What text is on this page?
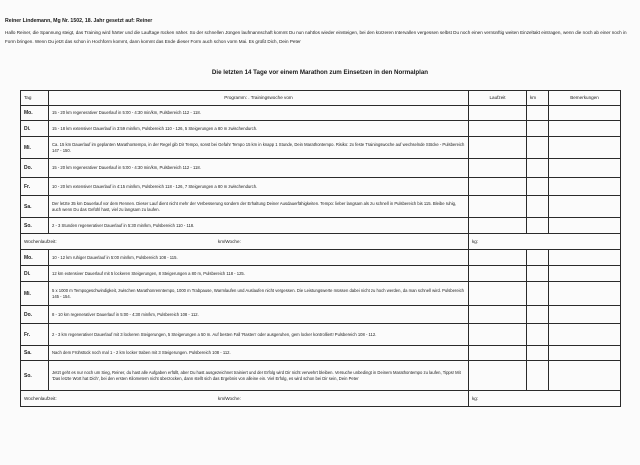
Reiner Lindemann, Mg Nr. 1502, 18. Jahr gesetzt auf: Reiner
Hallo Reiner, die Spannung steigt, das Training wird härter und die Lauftage rücken näher. So der schnellen Jüngen laufmannschaft kommt Du nun nahtlos wieder einsteigen, bei den kürzeren Intervallen vergessen selbst Du noch einen vernünftig weiten Einzeltakt eintragen, wenn die noch ab einer noch in Form bringen. Wenn Du jetzt das schon in Hochform kommt, dann kommt das Ende dieser Form auch schon vorm Mai. Es grüßt Dich, Dein Peter
Die letzten 14 Tage vor einem Marathon zum Einsetzen in den Normalplan
Tag	Programm: . Trainingswoche vom	Laufzeit	km	Bemerkungen
Mo.	15 - 20 km regenerativer Dauerlauf in 5:00 - 4:30 min/km, Pulsbereich 112 - 118.			
Di.	15 - 18 km extensiver Dauerlauf in 3:59 min/km, Pulsbereich 110 - 126, 5 Steigerungen a 80 m zwischendurch.			
Mi.	Ca. 15 km Dauerlauf im geplanten Marathontempo, in der Regel gib Dir Tempo, sonst bei Gefahr Tempo 15 km in knapp 1 Stunde, Dein Marathontempo. Risiko: 2x feste Trainingswoche auf wechselnde Stöcke - Pulsbereich 147 - 150.			
Do.	15 - 20 km regenerativer Dauerlauf in 5:00 - 4:30 min/km, Pulsbereich 112 - 118.			
Fr.	10 - 20 km extensiver Dauerlauf in 4:15 min/km, Pulsbereich 118 - 126, 7 Steigerungen a 80 m zwischendurch.			
Sa.	Der letzte 35 km Dauerlauf vor dem Rennen. Dieser Lauf dient nicht mehr der Verbesserung sondern der Erhaltung Deiner Ausdauerfähigkeiten. Tempo: lieber langsam als zu schnell in Pulsbereich bis 115. Bleibe ruhig, auch wenn Du das Gefühl hast, viel zu langsam zu laufen.			
So.	2 - 3 Stunden regenerativer Dauerlauf in 5:30 min/km, Pulsbereich 110 - 118.			
Wochenlaufzeit: km/Woche:		kg:		
Mo.	10 - 12 km ruhiger Dauerlauf in 5:00 min/km, Pulsbereich 108 - 115.			
Di.	12 km extensiver Dauerlauf mit 5 lockeren Steigerungen, 8 Steigerungen a 80 m, Pulsbereich 118 - 125.			
Mi.	5 x 1000 m Tempogeschwindigkeit, zwischen Marathonrenntempo, 1000 m Trabpause, Warmlaufen und Auslaufen nicht vergessen. Die Leistungswerte müssen dabei nicht zu hoch werden, da man schnell wird. Pulsbereich 145 - 154.			
Do.	8 - 10 km regenerativer Dauerlauf in 5:00 - 4:30 min/km, Pulsbereich 108 - 112.			
Fr.	2 - 3 km regenerativer Dauerlauf mit 3 lockeren Steigerungen, 5 Steigerungen a 50 m. Auf besten Fall 'Rasten' oder ausgeruhen, gem locker kontrolliert! Pulsbereich 108 - 112.			
Sa.	Nach dem Frühstück noch mal 1 - 2 km locker traben mit 3 Steigerungen. Pulsbereich 108 - 112.			
So.	Jetzt geht es nur noch um Sieg, Reiner, du hast alle Aufgaben erfüllt, aber Du hast ausgezeichnet trainiert und der Erfolg wird Dir nicht verwehrt bleiben. Versuche unbedingt in Deinem Marathontempo zu laufen, Tipps! Mit 'Das letzte Wort hat Dich', bei den ersten Kilometern nicht überzocken, dann stellt sich das Ergebnis von alleine ein. Viel Erfolg, es wird schon bei Dir sein, Dein Peter			
Wochenlaufzeit: km/Woche:		kg:		
